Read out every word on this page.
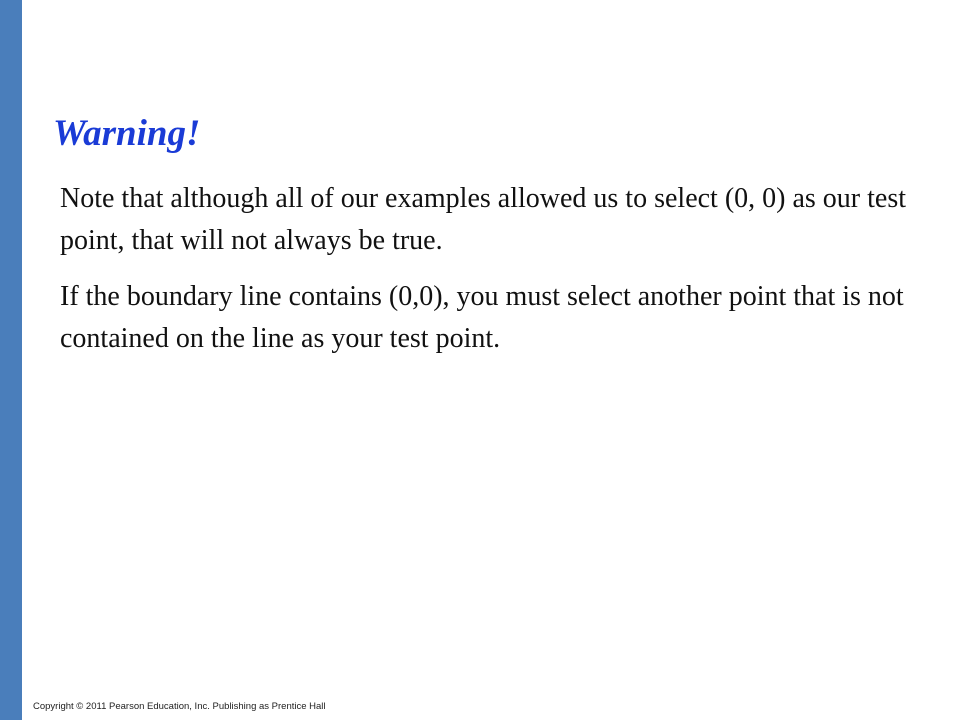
Warning!

Note that although all of our examples allowed us to select (0, 0) as our test point, that will not always be true.

If the boundary line contains (0,0), you must select another point that is not contained on the line as your test point.

Copyright © 2011 Pearson Education, Inc. Publishing as Prentice Hall
